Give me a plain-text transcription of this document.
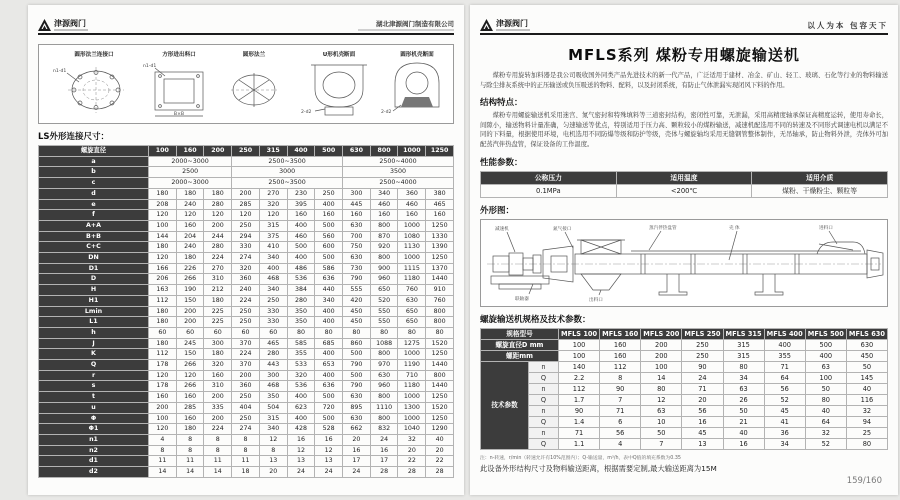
津源阀门	湖北津源阀门制造有限公司
圆形法兰连接口
n1-d1
方形进出料口
n1-d1
B×B
圆形法兰	U形机壳断面
2-d2
圆形机壳断面
2-d2
LS外形连接尺寸：
螺旋直径	100	160	200	250	315	400	500	630	800	1000	1250
a	2000~3000			2500~3500				2500~4000			
b	2500			3000				3500			
c	2000~3000			2500~3500				2500~4000			
d	180	180	180	200	270	230	250	300	340	360	380
e	208	240	280	285	320	395	400	445	460	460	465
f	120	120	120	120	120	160	160	160	160	160	160
A+A	100	160	200	250	315	400	500	630	800	1000	1250
B+B	144	204	244	294	375	460	560	700	870	1080	1330
C+C	180	240	280	330	410	500	600	750	920	1130	1390
DN	120	180	224	274	340	400	500	630	800	1000	1250
D1	166	226	270	320	400	486	586	730	900	1115	1370
D	206	266	310	360	468	536	636	790	960	1180	1440
H	163	190	212	240	340	384	440	555	650	760	910
H1	112	150	180	224	250	280	340	420	520	630	760
Lmin	180	200	225	250	330	350	400	450	550	650	800
L1	180	200	225	250	330	350	400	450	550	650	800
h	60	60	60	60	60	80	80	80	80	80	80
J	180	245	300	370	465	585	685	860	1088	1275	1520
K	112	150	180	224	280	355	400	500	800	1000	1250
Q	178	266	320	370	443	533	653	790	970	1190	1440
r	120	120	160	200	300	320	400	500	630	710	800
s	178	266	310	360	468	536	636	790	960	1180	1440
t	160	160	200	250	350	400	500	630	800	1000	1250
u	200	285	335	404	504	623	720	895	1110	1300	1520
Φ	100	160	200	250	315	400	500	630	800	1000	1250
Φ1	120	180	224	274	340	428	528	662	832	1040	1290
n1	4	8	8	8	12	16	16	20	24	32	40
n2	8	8	8	8	8	12	12	16	16	20	20
d1	11	11	11	11	13	13	13	17	17	22	22
d2	14	14	14	18	20	24	24	24	28	28	28
津源阀门	以人为本 包容天下
MFLS系列 煤粉专用螺旋输送机
煤粉专用旋转加料器是我公司吸收国外同类产品先进技术的新一代产品，广泛适用于建材、冶金、矿山、轻工、玻璃、石化等行业的物料输送与除尘排灰系统中的正压输送或负压吸送的物料、配料，以及封闭系统，有防止气体泄漏实现闭风下料的作用。
结构特点：
煤粉专用螺旋输送机采用迷宫、氮气密封和特殊填料等三道密封结构，密闭性可靠，无泄漏，采用高精度轴承保证高精度运转，使用寿命长，间隙小，输送物料计量准确，匀速输送等优点，特别适用于压力高、颗粒较小的煤粉输送，减速机配选用不同的转速及不同形式调速电机以满足不同的下料量，根据使用环境，电机选用不同防爆等级和防护等级，壳体与螺旋轴均采用无缝钢管整体制作，无吊轴承，防止物料外泄，壳体外可加配蒸汽伴热盘管，保证设备的工作温度。
性能参数：
公称压力	适用温度	适用介质
0.1MPa	<200℃	煤粉、干燥粉尘、颗粒等
外形图：
减速机	氮气接口	蒸汽伴热盘管	壳 体	进料口
联轴器	出料口
螺旋输送机规格及技术参数：
规格型号		MFLS 100	MFLS 160	MFLS 200	MFLS 250	MFLS 315	MFLS 400	MFLS 500	MFLS 630
螺旋直径D mm		100	160	200	250	315	400	500	630
螺距mm		100	160	200	250	315	355	400	450
技术参数	n	140	112	100	90	80	71	63	50
	Q	2.2	8	14	24	34	64	100	145
	n	112	90	80	71	63	56	50	40
	Q	1.7	7	12	20	26	52	80	116
	n	90	71	63	56	50	45	40	32
	Q	1.4	6	10	16	21	41	64	94
	n	71	56	50	45	40	36	32	25
	Q	1.1	4	7	13	16	34	52	80
注：n-转速，r/min（转速允许有10%范围内）；Q-输送量，m³/h，表中Q值的填充系数为0.35
此设备外形结构尺寸及物料输送距离，根据需要定制,最大输送距离为15M
159/160
